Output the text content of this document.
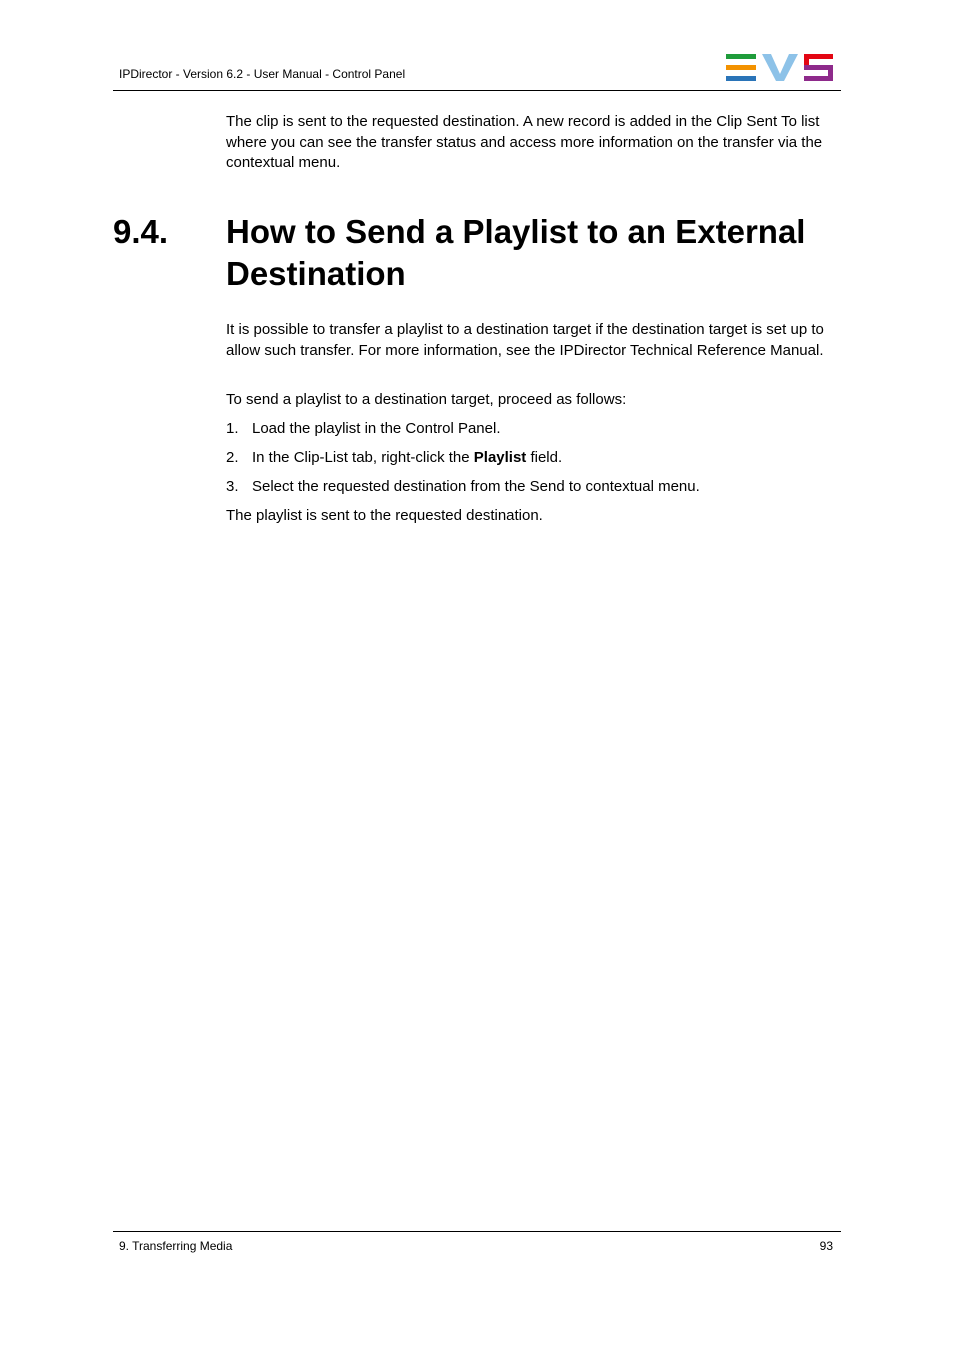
IPDirector - Version 6.2 - User Manual - Control Panel

The clip is sent to the requested destination. A new record is added in the Clip Sent To list where you can see the transfer status and access more information on the transfer via the contextual menu.

9.4. How to Send a Playlist to an External Destination

It is possible to transfer a playlist to a destination target if the destination target is set up to allow such transfer. For more information, see the IPDirector Technical Reference Manual.

To send a playlist to a destination target, proceed as follows:

1. Load the playlist in the Control Panel.
2. In the Clip-List tab, right-click the Playlist field.
3. Select the requested destination from the Send to contextual menu.

The playlist is sent to the requested destination.

9. Transferring Media	93
